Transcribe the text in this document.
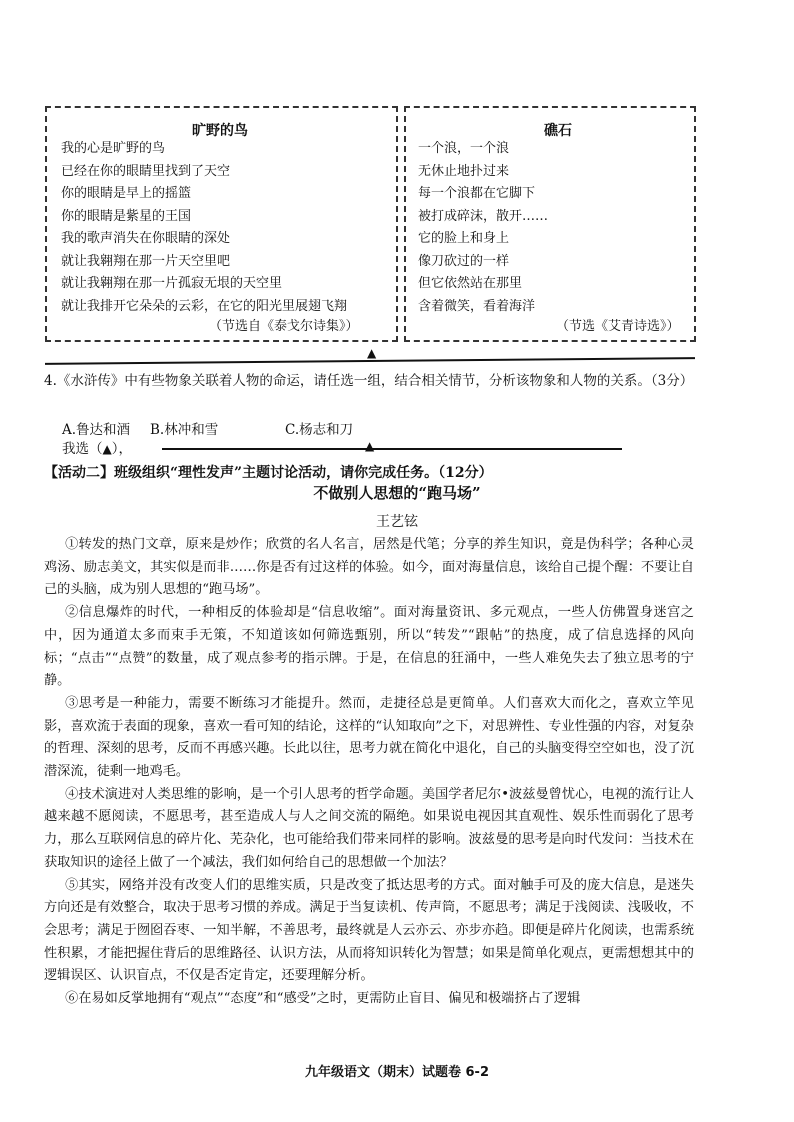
旷野的鸟
我的心是旷野的鸟
已经在你的眼睛里找到了天空
你的眼睛是早上的摇篮
你的眼睛是紫星的王国
我的歌声消失在你眼睛的深处
就让我翱翔在那一片天空里吧
就让我翱翔在那一片孤寂无垠的天空里
就让我排开它朵朵的云彩，在它的阳光里展翅飞翔
（节选自《泰戈尔诗集》）
礁石
一个浪，一个浪
无休止地扑过来
每一个浪都在它脚下
被打成碎沫，散开……
它的脸上和身上
像刀砍过的一样
但它依然站在那里
含着微笑，看着海洋
（节选《艾青诗选》）
▲
4.《水浒传》中有些物象关联着人物的命运，请任选一组，结合相关情节，分析该物象和人物的关系。（3分）
A.鲁达和酒 B.林冲和雪	C.杨志和刀
我选（▲），	▲
【活动二】班级组织“理性发声”主题讨论活动，请你完成任务。（12分）
不做别人思想的“跑马场”
王艺铉

①转发的热门文章，原来是炒作；欣赏的名人名言，居然是代笔；分享的养生知识，竟是伪科学；各种心灵鸡汤、励志美文，其实似是而非……你是否有过这样的体验。如今，面对海量信息，该给自己提个醒：不要让自己的头脑，成为别人思想的“跑马场”。

②信息爆炸的时代，一种相反的体验却是“信息收缩”。面对海量资讯、多元观点，一些人仿佛置身迷宫之中，因为通道太多而束手无策，不知道该如何筛选甄别，所以“转发”“跟帖”的热度，成了信息选择的风向标；“点击”“点赞”的数量，成了观点参考的指示牌。于是，在信息的狂涌中，一些人难免失去了独立思考的宁静。

③思考是一种能力，需要不断练习才能提升。然而，走捷径总是更简单。人们喜欢大而化之，喜欢立竿见影，喜欢流于表面的现象，喜欢一看可知的结论，这样的“认知取向”之下，对思辨性、专业性强的内容，对复杂的哲理、深刻的思考，反而不再感兴趣。长此以往，思考力就在简化中退化，自己的头脑变得空空如也，没了沉潜深流，徒剩一地鸡毛。

④技术演进对人类思维的影响，是一个引人思考的哲学命题。美国学者尼尔•波兹曼曾忧心，电视的流行让人越来越不愿阅读，不愿思考，甚至造成人与人之间交流的隔绝。如果说电视因其直观性、娱乐性而弱化了思考力，那么互联网信息的碎片化、芜杂化，也可能给我们带来同样的影响。波兹曼的思考是向时代发问：当技术在获取知识的途径上做了一个减法，我们如何给自己的思想做一个加法？

⑤其实，网络并没有改变人们的思维实质，只是改变了抵达思考的方式。面对触手可及的庞大信息，是迷失方向还是有效整合，取决于思考习惯的养成。满足于当复读机、传声筒，不愿思考；满足于浅阅读、浅吸收，不会思考；满足于囫囵吞枣、一知半解，不善思考，最终就是人云亦云、亦步亦趋。即便是碎片化阅读，也需系统性积累，才能把握住背后的思维路径、认识方法，从而将知识转化为智慧；如果是简单化观点，更需想想其中的逻辑误区、认识盲点，不仅是否定肯定，还要理解分析。

⑥在易如反掌地拥有“观点”“态度”和“感受”之时，更需防止盲目、偏见和极端挤占了逻辑

九年级语文（期末）试题卷 6-2
